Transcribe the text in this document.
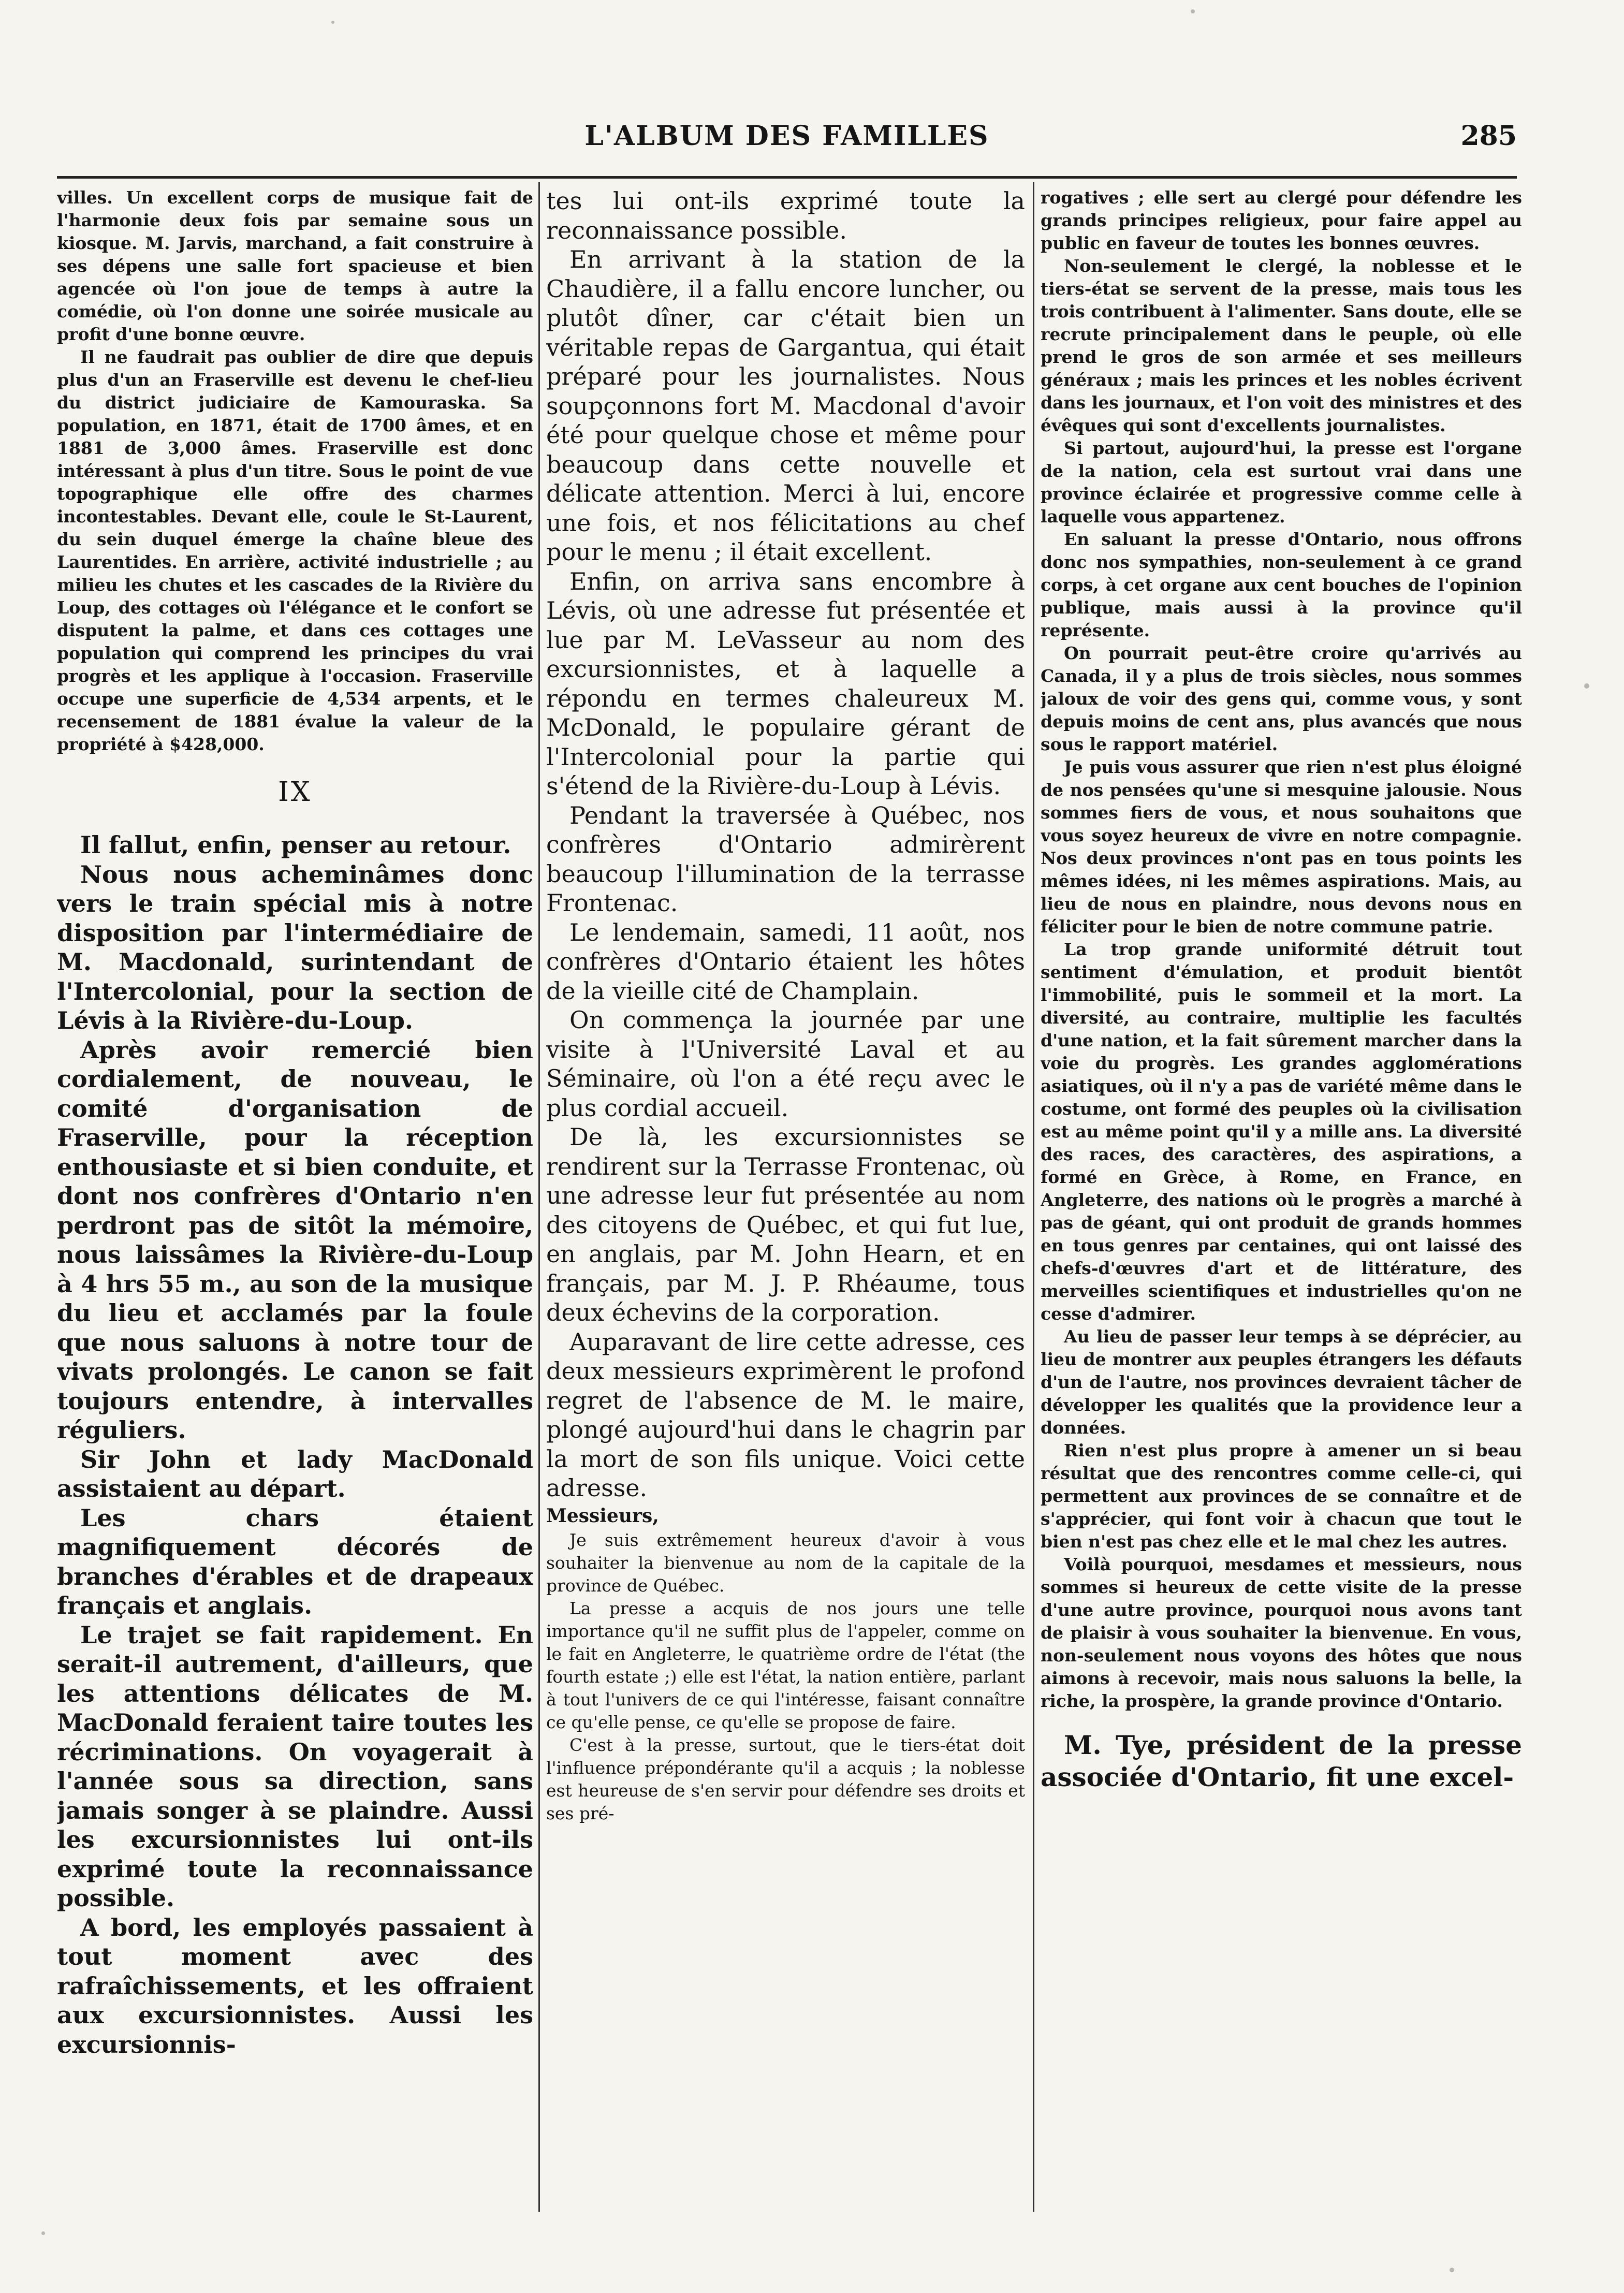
L'ALBUM DES FAMILLES	285

villes. Un excellent corps de musique fait de l'harmonie deux fois par semaine sous un kiosque. M. Jarvis, marchand, a fait construire à ses dépens une salle fort spacieuse et bien agencée où l'on joue de temps à autre la comédie, où l'on donne une soirée musicale au profit d'une bonne œuvre.

Il ne faudrait pas oublier de dire que depuis plus d'un an Fraserville est devenu le chef-lieu du district judiciaire de Kamouraska. Sa population, en 1871, était de 1700 âmes, et en 1881 de 3,000 âmes. Fraserville est donc intéressant à plus d'un titre. Sous le point de vue topographique elle offre des charmes incontestables. Devant elle, coule le St-Laurent, du sein duquel émerge la chaîne bleue des Laurentides. En arrière, activité industrielle ; au milieu les chutes et les cascades de la Rivière du Loup, des cottages où l'élégance et le confort se disputent la palme, et dans ces cottages une population qui comprend les principes du vrai progrès et les applique à l'occasion. Fraserville occupe une superficie de 4,534 arpents, et le recensement de 1881 évalue la valeur de la propriété à $428,000.

IX

Il fallut, enfin, penser au retour.

Nous nous acheminâmes donc vers le train spécial mis à notre disposition par l'intermédiaire de M. Macdonald, surintendant de l'Intercolonial, pour la section de Lévis à la Rivière-du-Loup.

Après avoir remercié bien cordialement, de nouveau, le comité d'organisation de Fraserville, pour la réception enthousiaste et si bien conduite, et dont nos confrères d'Ontario n'en perdront pas de sitôt la mémoire, nous laissâmes la Rivière-du-Loup à 4 hrs 55 m., au son de la musique du lieu et acclamés par la foule que nous saluons à notre tour de vivats prolongés. Le canon se fait toujours entendre, à intervalles réguliers.

Sir John et lady MacDonald assistaient au départ.

Les chars étaient magnifiquement décorés de branches d'érables et de drapeaux français et anglais.

Le trajet se fait rapidement. En serait-il autrement, d'ailleurs, que les attentions délicates de M. MacDonald feraient taire toutes les récriminations. On voyagerait à l'année sous sa direction, sans jamais songer à se plaindre. Aussi les excursionnistes lui ont-ils exprimé toute la reconnaissance possible.

A bord, les employés passaient à tout moment avec des rafraîchissements, et les offraient aux excursionnistes. Aussi les excursionnis-

tes lui ont-ils exprimé toute la reconnaissance possible.

En arrivant à la station de la Chaudière, il a fallu encore luncher, ou plutôt dîner, car c'était bien un véritable repas de Gargantua, qui était préparé pour les journalistes. Nous soupçonnons fort M. Macdonal d'avoir été pour quelque chose et même pour beaucoup dans cette nouvelle et délicate attention. Merci à lui, encore une fois, et nos félicitations au chef pour le menu ; il était excellent.

Enfin, on arriva sans encombre à Lévis, où une adresse fut présentée et lue par M. LeVasseur au nom des excursionnistes, et à laquelle a répondu en termes chaleureux M. McDonald, le populaire gérant de l'Intercolonial pour la partie qui s'étend de la Rivière-du-Loup à Lévis.

Pendant la traversée à Québec, nos confrères d'Ontario admirèrent beaucoup l'illumination de la terrasse Frontenac.

Le lendemain, samedi, 11 août, nos confrères d'Ontario étaient les hôtes de la vieille cité de Champlain.

On commença la journée par une visite à l'Université Laval et au Séminaire, où l'on a été reçu avec le plus cordial accueil.

De là, les excursionnistes se rendirent sur la Terrasse Frontenac, où une adresse leur fut présentée au nom des citoyens de Québec, et qui fut lue, en anglais, par M. John Hearn, et en français, par M. J. P. Rhéaume, tous deux échevins de la corporation.

Auparavant de lire cette adresse, ces deux messieurs exprimèrent le profond regret de l'absence de M. le maire, plongé aujourd'hui dans le chagrin par la mort de son fils unique. Voici cette adresse.

Messieurs,

Je suis extrêmement heureux d'avoir à vous souhaiter la bienvenue au nom de la capitale de la province de Québec.

La presse a acquis de nos jours une telle importance qu'il ne suffit plus de l'appeler, comme on le fait en Angleterre, le quatrième ordre de l'état (the fourth estate ;) elle est l'état, la nation entière, parlant à tout l'univers de ce qui l'intéresse, faisant connaître ce qu'elle pense, ce qu'elle se propose de faire.

C'est à la presse, surtout, que le tiers-état doit l'influence prépondérante qu'il a acquis ; la noblesse est heureuse de s'en servir pour défendre ses droits et ses pré-

rogatives ; elle sert au clergé pour défendre les grands principes religieux, pour faire appel au public en faveur de toutes les bonnes œuvres.

Non-seulement le clergé, la noblesse et le tiers-état se servent de la presse, mais tous les trois contribuent à l'alimenter. Sans doute, elle se recrute principalement dans le peuple, où elle prend le gros de son armée et ses meilleurs généraux ; mais les princes et les nobles écrivent dans les journaux, et l'on voit des ministres et des évêques qui sont d'excellents journalistes.

Si partout, aujourd'hui, la presse est l'organe de la nation, cela est surtout vrai dans une province éclairée et progressive comme celle à laquelle vous appartenez.

En saluant la presse d'Ontario, nous offrons donc nos sympathies, non-seulement à ce grand corps, à cet organe aux cent bouches de l'opinion publique, mais aussi à la province qu'il représente.

On pourrait peut-être croire qu'arrivés au Canada, il y a plus de trois siècles, nous sommes jaloux de voir des gens qui, comme vous, y sont depuis moins de cent ans, plus avancés que nous sous le rapport matériel.

Je puis vous assurer que rien n'est plus éloigné de nos pensées qu'une si mesquine jalousie. Nous sommes fiers de vous, et nous souhaitons que vous soyez heureux de vivre en notre compagnie. Nos deux provinces n'ont pas en tous points les mêmes idées, ni les mêmes aspirations. Mais, au lieu de nous en plaindre, nous devons nous en féliciter pour le bien de notre commune patrie.

La trop grande uniformité détruit tout sentiment d'émulation, et produit bientôt l'immobilité, puis le sommeil et la mort. La diversité, au contraire, multiplie les facultés d'une nation, et la fait sûrement marcher dans la voie du progrès. Les grandes agglomérations asiatiques, où il n'y a pas de variété même dans le costume, ont formé des peuples où la civilisation est au même point qu'il y a mille ans. La diversité des races, des caractères, des aspirations, a formé en Grèce, à Rome, en France, en Angleterre, des nations où le progrès a marché à pas de géant, qui ont produit de grands hommes en tous genres par centaines, qui ont laissé des chefs-d'œuvres d'art et de littérature, des merveilles scientifiques et industrielles qu'on ne cesse d'admirer.

Au lieu de passer leur temps à se déprécier, au lieu de montrer aux peuples étrangers les défauts d'un de l'autre, nos provinces devraient tâcher de développer les qualités que la providence leur a données.

Rien n'est plus propre à amener un si beau résultat que des rencontres comme celle-ci, qui permettent aux provinces de se connaître et de s'apprécier, qui font voir à chacun que tout le bien n'est pas chez elle et le mal chez les autres.

Voilà pourquoi, mesdames et messieurs, nous sommes si heureux de cette visite de la presse d'une autre province, pourquoi nous avons tant de plaisir à vous souhaiter la bienvenue. En vous, non-seulement nous voyons des hôtes que nous aimons à recevoir, mais nous saluons la belle, la riche, la prospère, la grande province d'Ontario.

M. Tye, président de la presse associée d'Ontario, fit une excel-
